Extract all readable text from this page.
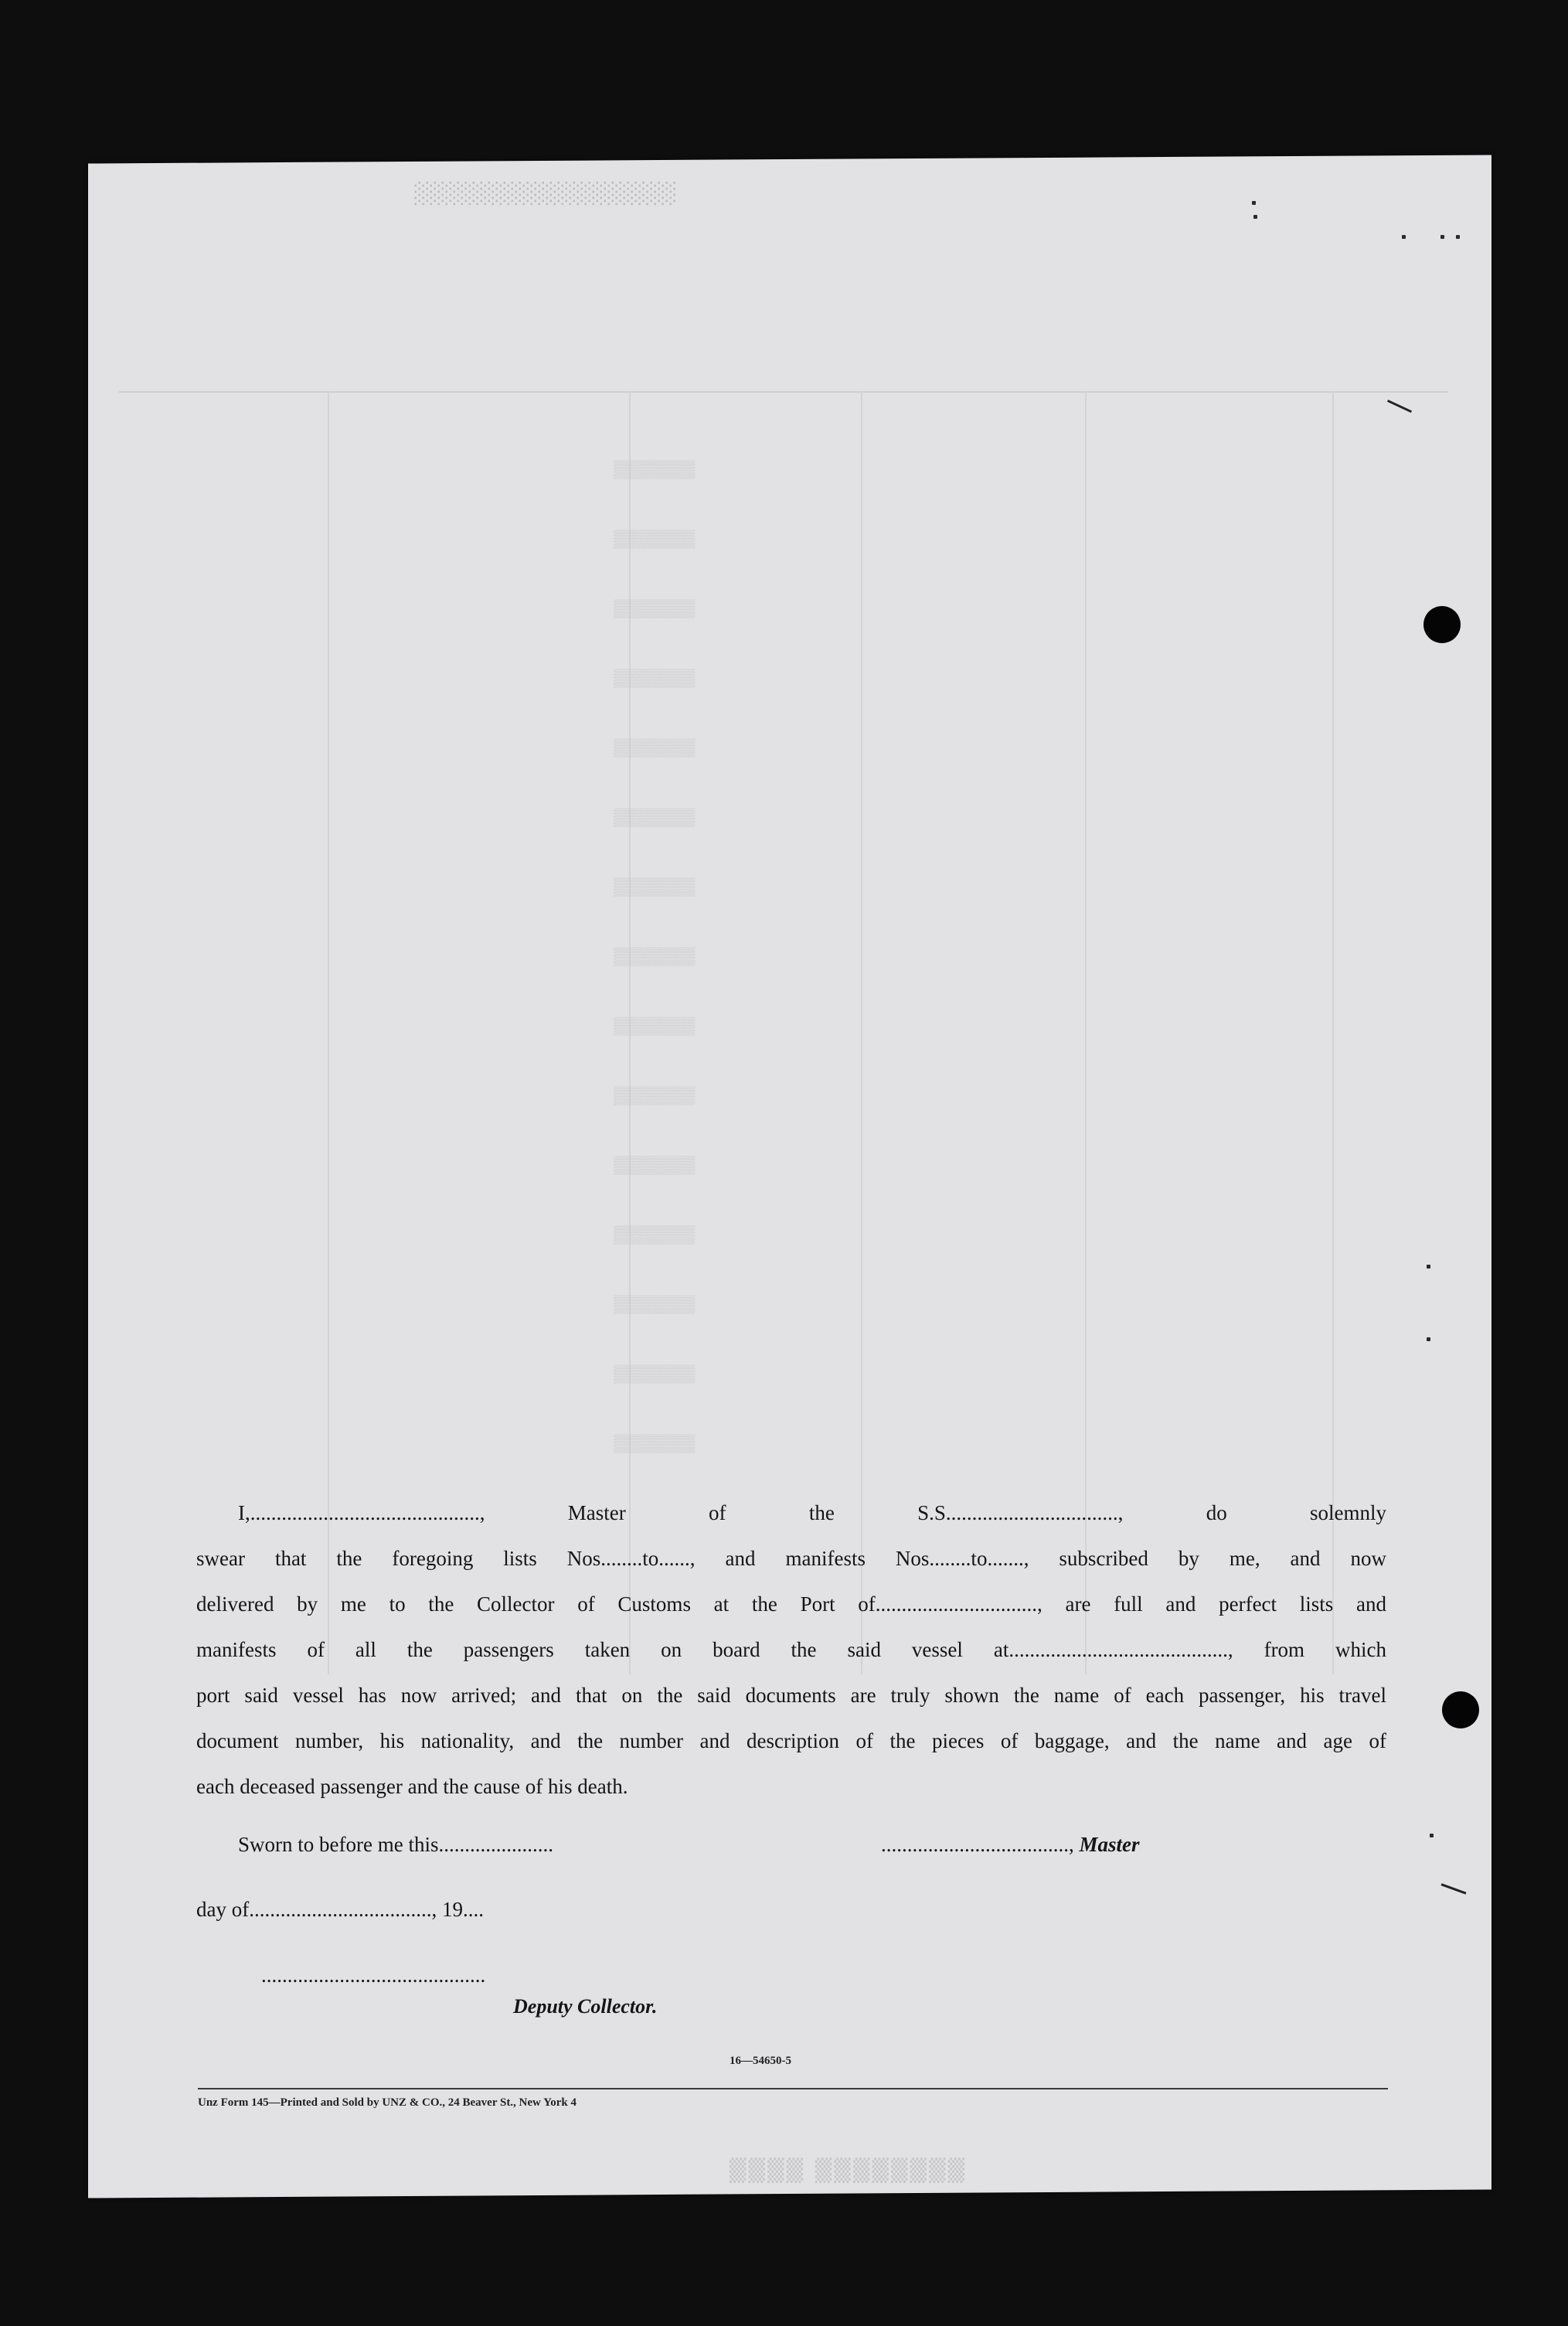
░░░░░░░░░░░░░░░░░
▒▒▒▒▒▒▒▒
▒▒▒▒▒▒▒▒
▒▒▒▒▒▒▒▒
▒▒▒▒▒▒▒▒
▒▒▒▒▒▒▒▒
▒▒▒▒▒▒▒▒
▒▒▒▒▒▒▒▒
▒▒▒▒▒▒▒▒
▒▒▒▒▒▒▒▒
▒▒▒▒▒▒▒▒
▒▒▒▒▒▒▒▒
▒▒▒▒▒▒▒▒
▒▒▒▒▒▒▒▒
▒▒▒▒▒▒▒▒
▒▒▒▒▒▒▒▒
I,............................................, Master of the S.S................................., do solemnly
swear that the foregoing lists Nos........to......, and manifests Nos........to......., subscribed by me, and now
delivered by me to the Collector of Customs at the Port of..............................., are full and perfect lists and
manifests of all the passengers taken on board the said vessel at.........................................., from which
port said vessel has now arrived; and that on the said documents are truly shown the name of each passenger, his travel
document number, his nationality, and the number and description of the pieces of baggage, and the name and age of
each deceased passenger and the cause of his death.
Sworn to before me this......................	...................................., Master
day of..................................., 19....
...........................................
Deputy Collector.
16—54650-5
Unz Form 145—Printed and Sold by UNZ & CO., 24 Beaver St., New York 4
▒▒▒▒ ▒▒▒▒▒▒▒▒
